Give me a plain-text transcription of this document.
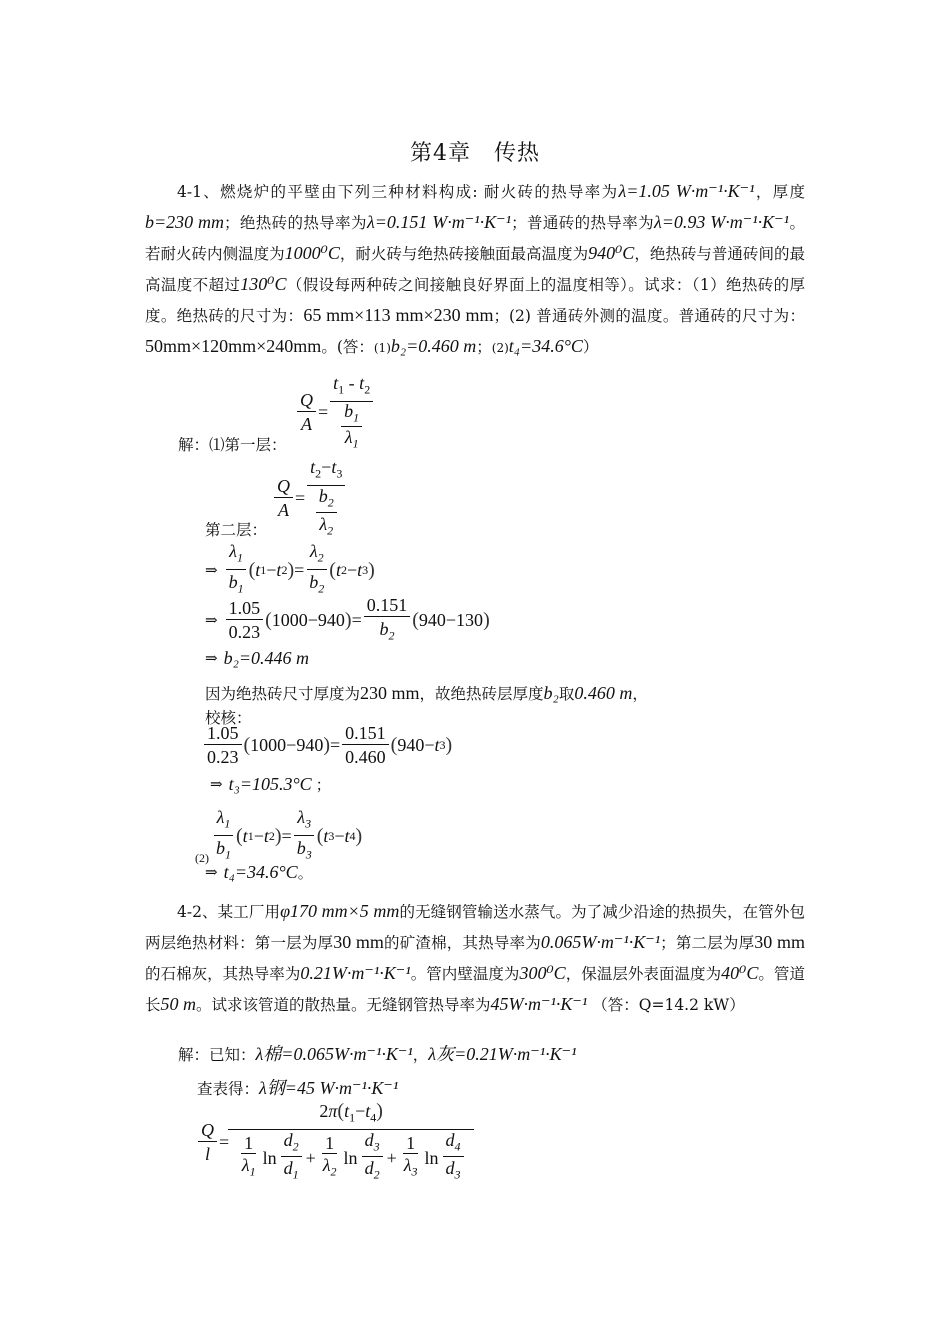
第4章　传热

4-1、燃烧炉的平壁由下列三种材料构成: 耐火砖的热导率为λ=1.05 W·m⁻¹·K⁻¹，厚度 b=230 mm；绝热砖的热导率为λ=0.151 W·m⁻¹·K⁻¹；普通砖的热导率为λ=0.93 W·m⁻¹·K⁻¹。若耐火砖内侧温度为1000⁰C，耐火砖与绝热砖接触面最高温度为940⁰C，绝热砖与普通砖间的最高温度不超过130⁰C（假设每两种砖之间接触良好界面上的温度相等）。试求：（1）绝热砖的厚度。绝热砖的尺寸为：65 mm×113 mm×230 mm；(2) 普通砖外测的温度。普通砖的尺寸为：50mm×120mm×240mm。(答：(1)b₂=0.460 m；(2)t₄=34.6°C）

$\frac{Q}{A} = \frac{t_1 - t_2}{\frac{b_1}{\lambda_1}}$
解：⑴第一层：
$\frac{Q}{A} = \frac{t_2-t_3}{\frac{b_2}{\lambda_2}}$
第二层：
⇒ $\frac{\lambda_1}{b_1}$ ( t 1 − t 2 ) = $\frac{\lambda_2}{b_2}$ ( t 2 − t 3 )
⇒ $\frac{1.05}{0.23}$ ( 1000−940 ) = $\frac{0.151}{b_2}$ ( 940−130 )
⇒ b₂=0.446 m
因为绝热砖尺寸厚度为230 mm，故绝热砖层厚度b₂取0.460 m，
校核：
$\frac{1.05}{0.23}$ ( 1000−940 ) = $\frac{0.151}{0.460}$ ( 940− t 3 )
⇒ t₃=105.3°C ；
$(2) \frac{\lambda_1}{b_1}$ ( t 1 − t 2 ) = $\frac{\lambda_3}{b_3}$ ( t 3 − t 4 )
⇒ t₄=34.6°C 。

4-2、某工厂用φ170 mm×5 mm的无缝钢管输送水蒸气。为了减少沿途的热损失，在管外包两层绝热材料：第一层为厚30 mm的矿渣棉，其热导率为0.065W·m⁻¹·K⁻¹；第二层为厚30 mm的石棉灰，其热导率为0.21W·m⁻¹·K⁻¹。管内壁温度为300⁰C，保温层外表面温度为40⁰C。管道长50 m。试求该管道的散热量。无缝钢管热导率为45W·m⁻¹·K⁻¹ （答：Q=14.2 kW）

解：已知：λ棉=0.065W·m⁻¹·K⁻¹，λ灰=0.21W·m⁻¹·K⁻¹
查表得：λ钢=45 W·m⁻¹·K⁻¹
$\frac{Q}{l}$ =
$2\pi(t_1-t_4)$
$\frac{1}{\lambda_1}$ $\ln \frac{d_2}{d_1} + \frac{1}{\lambda_2}$ $\ln \frac{d_3}{d_2} + \frac{1}{\lambda_3}$ $\ln \frac{d_4}{d_3}$
